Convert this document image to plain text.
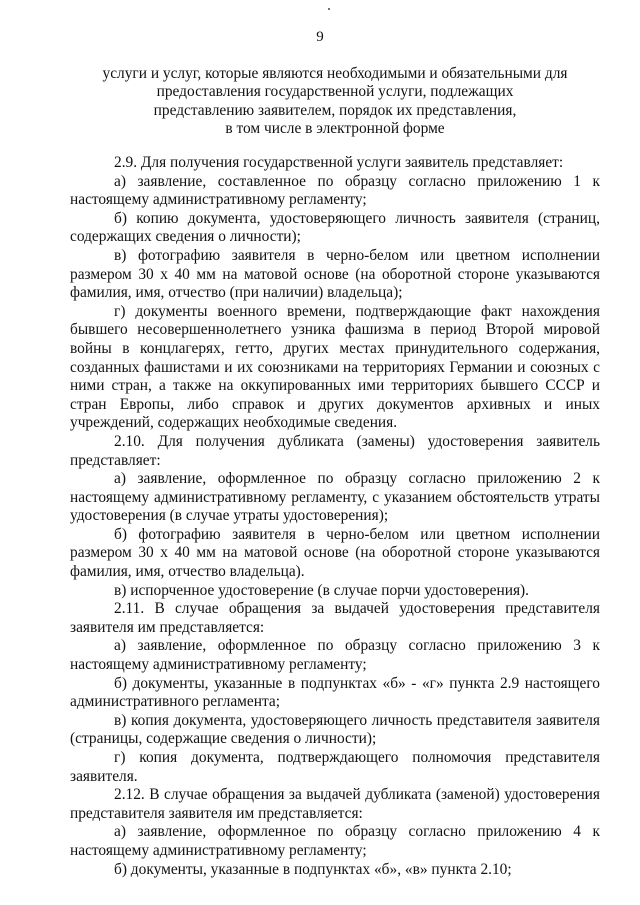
9
услуги и услуг, которые являются необходимыми и обязательными для
предоставления государственной услуги, подлежащих
представлению заявителем, порядок их представления,
в том числе в электронной форме

2.9. Для получения государственной услуги заявитель представляет:

а) заявление, составленное по образцу согласно приложению 1 к настоящему административному регламенту;

б) копию документа, удостоверяющего личность заявителя (страниц, содержащих сведения о личности);

в) фотографию заявителя в черно-белом или цветном исполнении размером 30 х 40 мм на матовой основе (на оборотной стороне указываются фамилия, имя, отчество (при наличии) владельца);

г) документы военного времени, подтверждающие факт нахождения бывшего несовершеннолетнего узника фашизма в период Второй мировой войны в концлагерях, гетто, других местах принудительного содержания, созданных фашистами и их союзниками на территориях Германии и союзных с ними стран, а также на оккупированных ими территориях бывшего СССР и стран Европы, либо справок и других документов архивных и иных учреждений, содержащих необходимые сведения.

2.10. Для получения дубликата (замены) удостоверения заявитель представляет:

а) заявление, оформленное по образцу согласно приложению 2 к настоящему административному регламенту, с указанием обстоятельств утраты удостоверения (в случае утраты удостоверения);

б) фотографию заявителя в черно-белом или цветном исполнении размером 30 х 40 мм на матовой основе (на оборотной стороне указываются фамилия, имя, отчество владельца).

в) испорченное удостоверение (в случае порчи удостоверения).

2.11. В случае обращения за выдачей удостоверения представителя заявителя им представляется:

а) заявление, оформленное по образцу согласно приложению 3 к настоящему административному регламенту;

б) документы, указанные в подпунктах «б» - «г» пункта 2.9 настоящего административного регламента;

в) копия документа, удостоверяющего личность представителя заявителя (страницы, содержащие сведения о личности);

г) копия документа, подтверждающего полномочия представителя заявителя.

2.12. В случае обращения за выдачей дубликата (заменой) удостоверения представителя заявителя им представляется:

а) заявление, оформленное по образцу согласно приложению 4 к настоящему административному регламенту;

б) документы, указанные в подпунктах «б», «в» пункта 2.10;
